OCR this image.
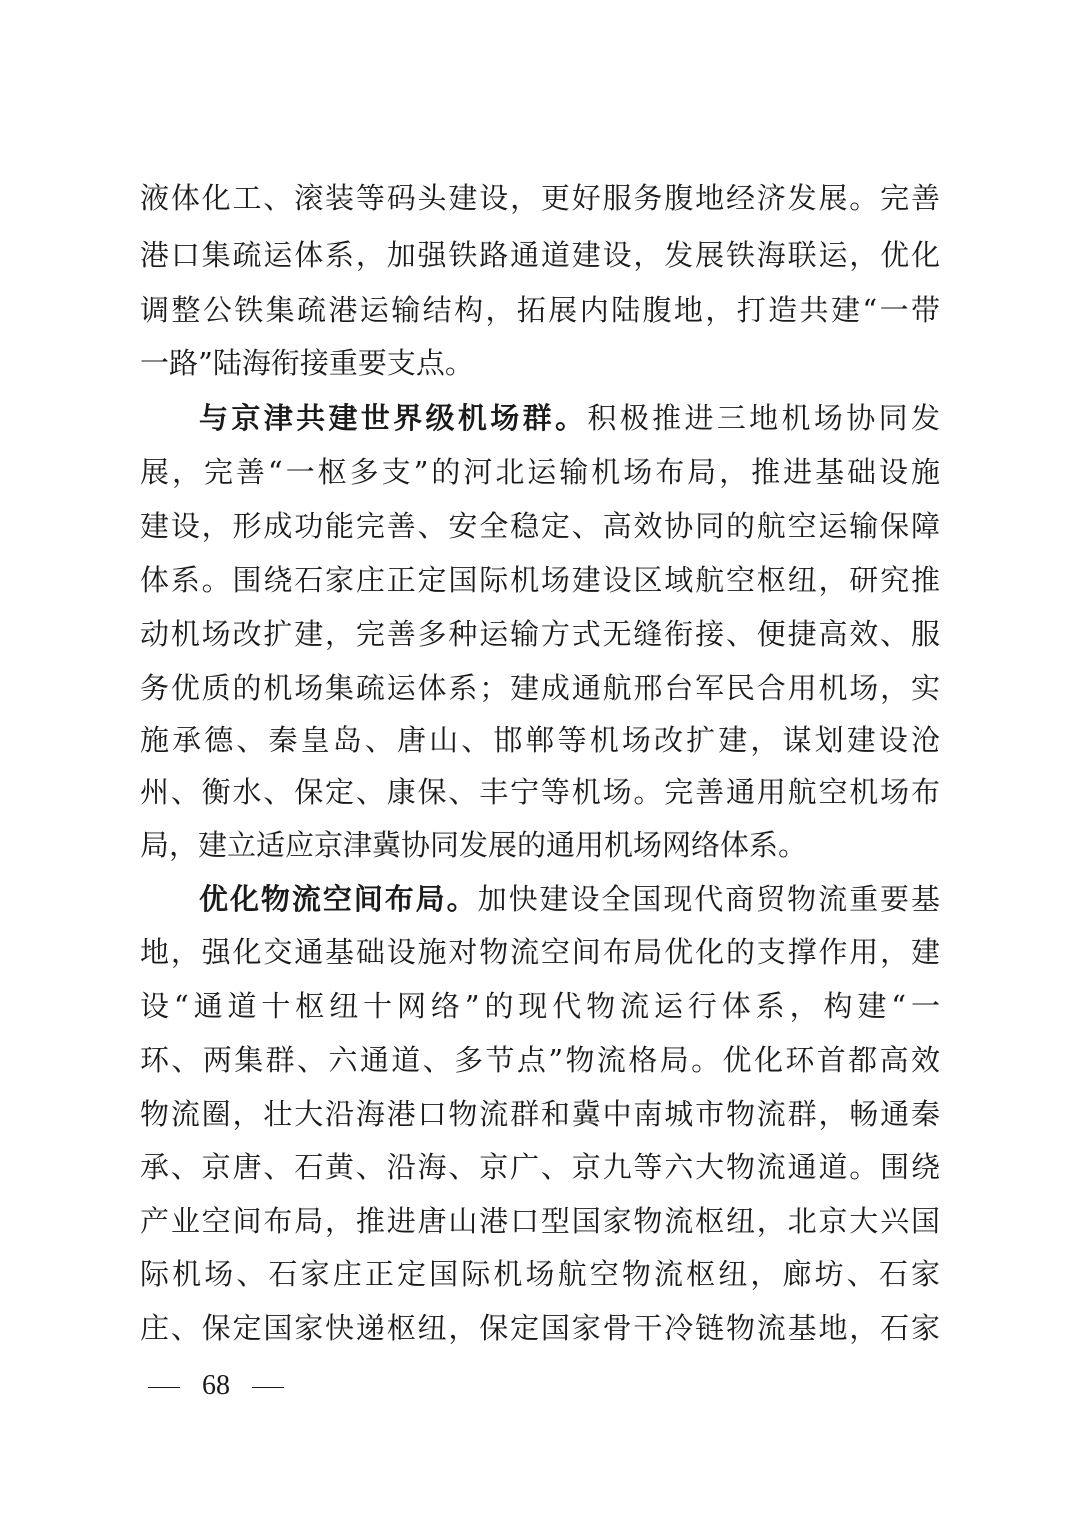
液体化工、滚装等码头建设，更好服务腹地经济发展。完善
港口集疏运体系，加强铁路通道建设，发展铁海联运，优化
调整公铁集疏港运输结构，拓展内陆腹地，打造共建“一带
一路”陆海衔接重要支点。
与京津共建世界级机场群。积极推进三地机场协同发
展，完善“一枢多支”的河北运输机场布局，推进基础设施
建设，形成功能完善、安全稳定、高效协同的航空运输保障
体系。围绕石家庄正定国际机场建设区域航空枢纽，研究推
动机场改扩建，完善多种运输方式无缝衔接、便捷高效、服
务优质的机场集疏运体系；建成通航邢台军民合用机场，实
施承德、秦皇岛、唐山、邯郸等机场改扩建，谋划建设沧
州、衡水、保定、康保、丰宁等机场。完善通用航空机场布
局，建立适应京津冀协同发展的通用机场网络体系。
优化物流空间布局。加快建设全国现代商贸物流重要基
地，强化交通基础设施对物流空间布局优化的支撑作用，建
设“通道十枢纽十网络”的现代物流运行体系，构建“一
环、两集群、六通道、多节点”物流格局。优化环首都高效
物流圈，壮大沿海港口物流群和冀中南城市物流群，畅通秦
承、京唐、石黄、沿海、京广、京九等六大物流通道。围绕
产业空间布局，推进唐山港口型国家物流枢纽，北京大兴国
际机场、石家庄正定国际机场航空物流枢纽，廊坊、石家
庄、保定国家快递枢纽，保定国家骨干冷链物流基地，石家
68
